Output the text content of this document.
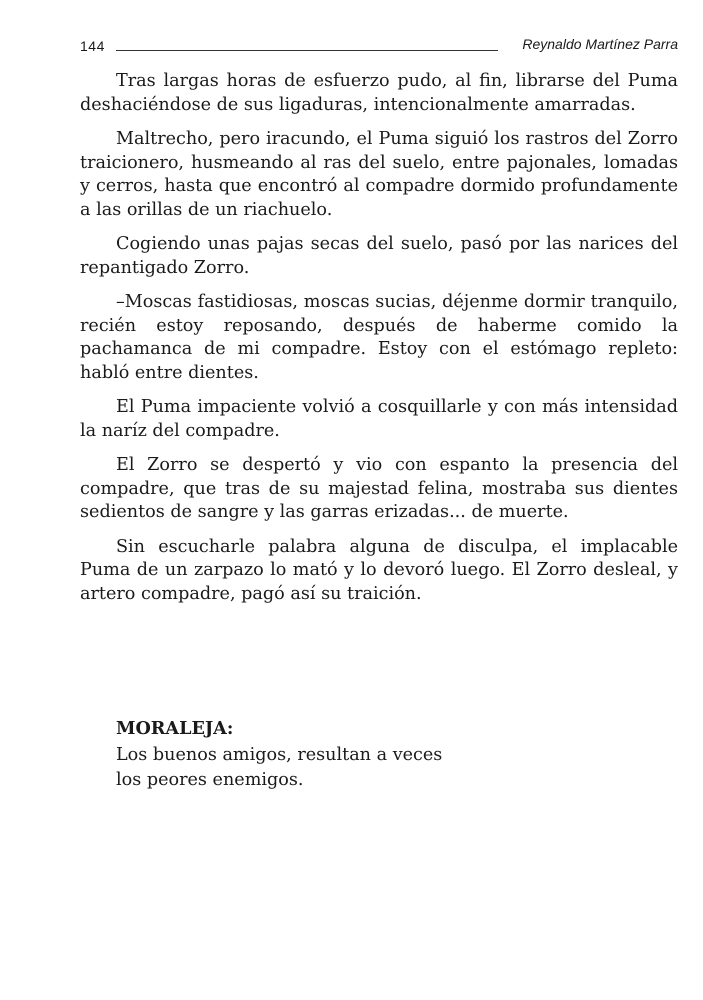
144	Reynaldo Martínez Parra

Tras largas horas de esfuerzo pudo, al fin, librarse del Puma deshaciéndose de sus ligaduras, intencionalmente amarradas.

Maltrecho, pero iracundo, el Puma siguió los rastros del Zorro traicionero, husmeando al ras del suelo, entre pajonales, lomadas y cerros, hasta que encontró al compadre dormido profundamente a las orillas de un riachuelo.

Cogiendo unas pajas secas del suelo, pasó por las narices del repantigado Zorro.

–Moscas fastidiosas, moscas sucias, déjenme dormir tranquilo, recién estoy reposando, después de haberme comido la pachamanca de mi compadre. Estoy con el estómago repleto: habló entre dientes.

El Puma impaciente volvió a cosquillarle y con más intensidad la naríz del compadre.

El Zorro se despertó y vio con espanto la presencia del compadre, que tras de su majestad felina, mostraba sus dientes sedientos de sangre y las garras erizadas... de muerte.

Sin escucharle palabra alguna de disculpa, el implacable Puma de un zarpazo lo mató y lo devoró luego. El Zorro desleal, y artero compadre, pagó así su traición.

MORALEJA:

Los buenos amigos, resultan a veces

los peores enemigos.
